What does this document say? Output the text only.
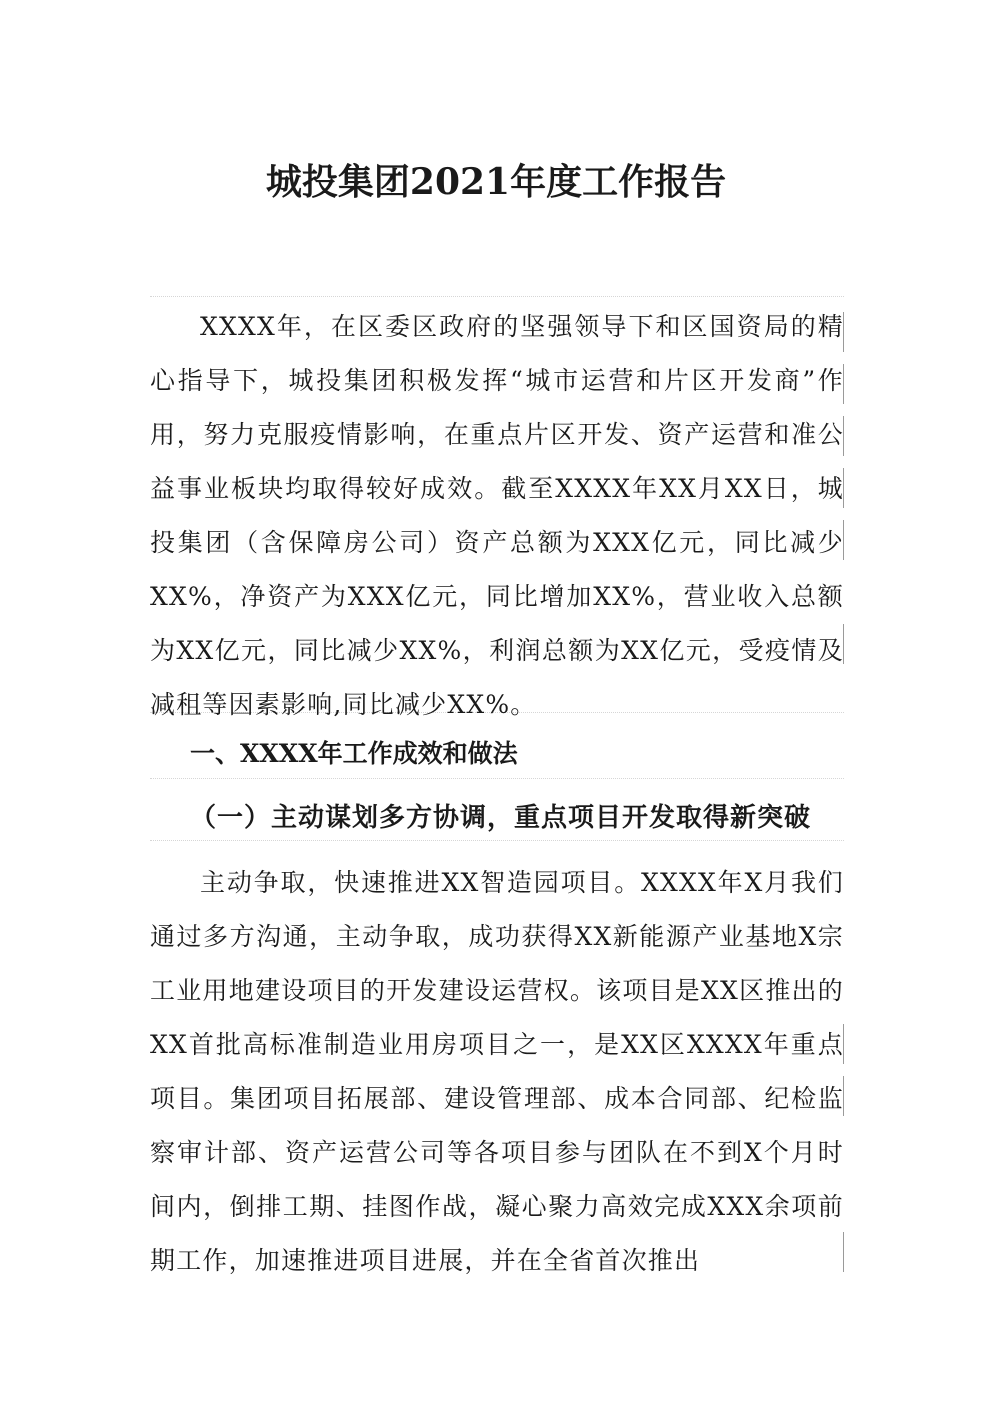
城投集团2021年度工作报告

XXXX年，在区委区政府的坚强领导下和区国资局的精心指导下，城投集团积极发挥“城市运营和片区开发商”作用，努力克服疫情影响，在重点片区开发、资产运营和准公益事业板块均取得较好成效。截至XXXX年XX月XX日，城投集团（含保障房公司）资产总额为XXX亿元，同比减少XX%，净资产为XXX亿元，同比增加XX%，营业收入总额为XX亿元，同比减少XX%，利润总额为XX亿元，受疫情及减租等因素影响,同比减少XX%。

一、XXXX年工作成效和做法

（一）主动谋划多方协调，重点项目开发取得新突破

主动争取，快速推进XX智造园项目。XXXX年X月我们通过多方沟通，主动争取，成功获得XX新能源产业基地X宗工业用地建设项目的开发建设运营权。该项目是XX区推出的XX首批高标准制造业用房项目之一，是XX区XXXX年重点项目。集团项目拓展部、建设管理部、成本合同部、纪检监察审计部、资产运营公司等各项目参与团队在不到X个月时间内，倒排工期、挂图作战，凝心聚力高效完成XXX余项前期工作，加速推进项目进展，并在全省首次推出
